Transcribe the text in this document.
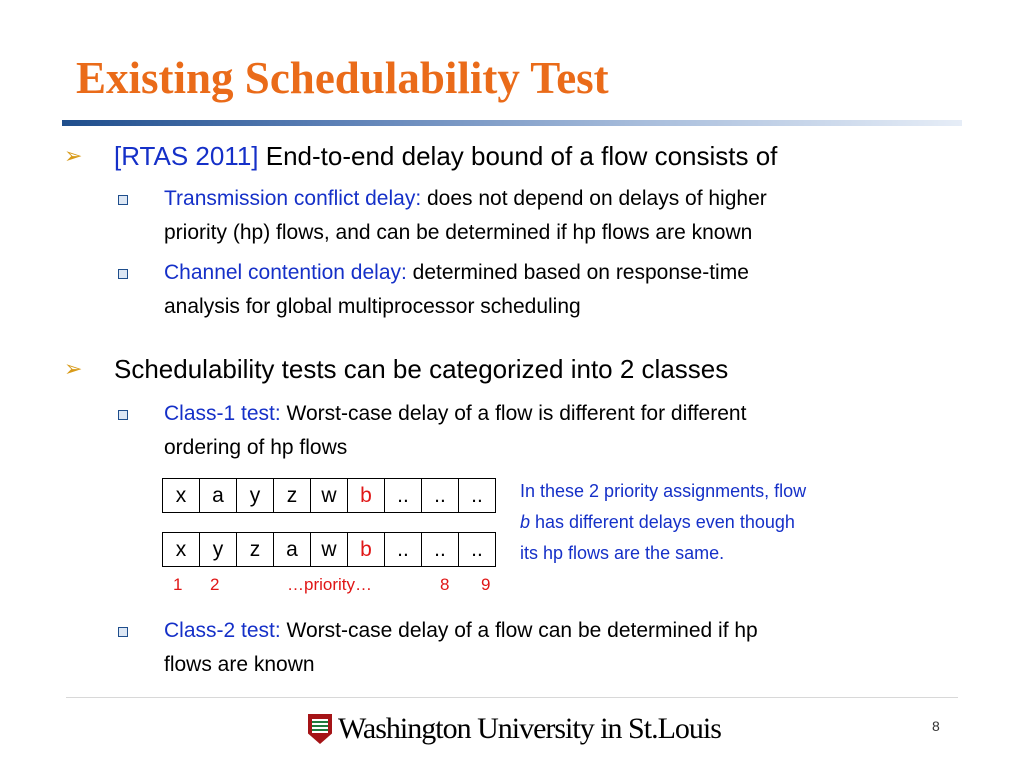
Existing Schedulability Test
➢ [RTAS 2011] End-to-end delay bound of a flow consists of
Transmission conflict delay: does not depend on delays of higher
priority (hp) flows, and can be determined if hp flows are known
Channel contention delay: determined based on response-time
analysis for global multiprocessor scheduling
➢ Schedulability tests can be categorized into 2 classes
Class-1 test: Worst-case delay of a flow is different for different
ordering of hp flows
x	a	y	z	w	b	..	..	..
x	y	z	a	w	b	..	..	..
1 2	…priority…	8 9
In these 2 priority assignments, flow
b has different delays even though
its hp flows are the same.
Class-2 test: Worst-case delay of a flow can be determined if hp
flows are known
Washington University in St.Louis	8
